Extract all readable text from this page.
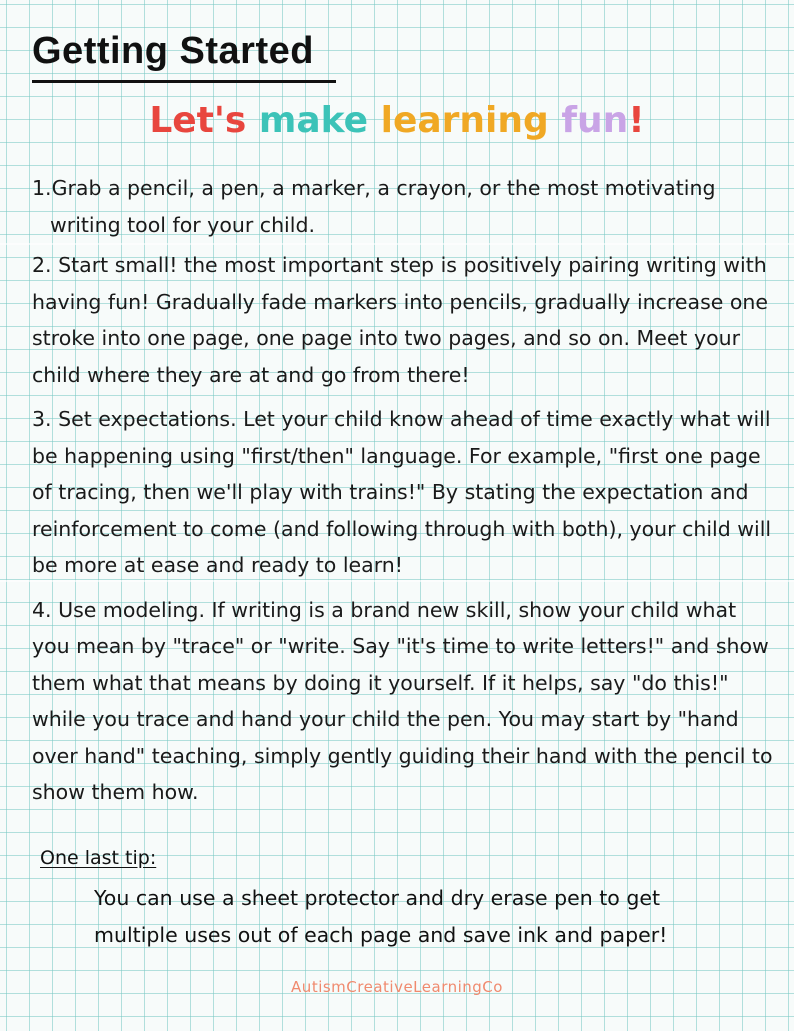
Getting Started
Let's make learning fun!

1.Grab a pencil, a pen, a marker, a crayon, or the most motivating writing tool for your child.

2. Start small! the most important step is positively pairing writing with having fun! Gradually fade markers into pencils, gradually increase one stroke into one page, one page into two pages, and so on. Meet your child where they are at and go from there!

3. Set expectations. Let your child know ahead of time exactly what will be happening using "first/then" language. For example, "first one page of tracing, then we'll play with trains!" By stating the expectation and reinforcement to come (and following through with both), your child will be more at ease and ready to learn!

4. Use modeling. If writing is a brand new skill, show your child what you mean by "trace" or "write. Say "it's time to write letters!" and show them what that means by doing it yourself. If it helps, say "do this!" while you trace and hand your child the pen. You may start by "hand over hand" teaching, simply gently guiding their hand with the pencil to show them how.

One last tip:
You can use a sheet protector and dry erase pen to get multiple uses out of each page and save ink and paper!
AutismCreativeLearningCo
